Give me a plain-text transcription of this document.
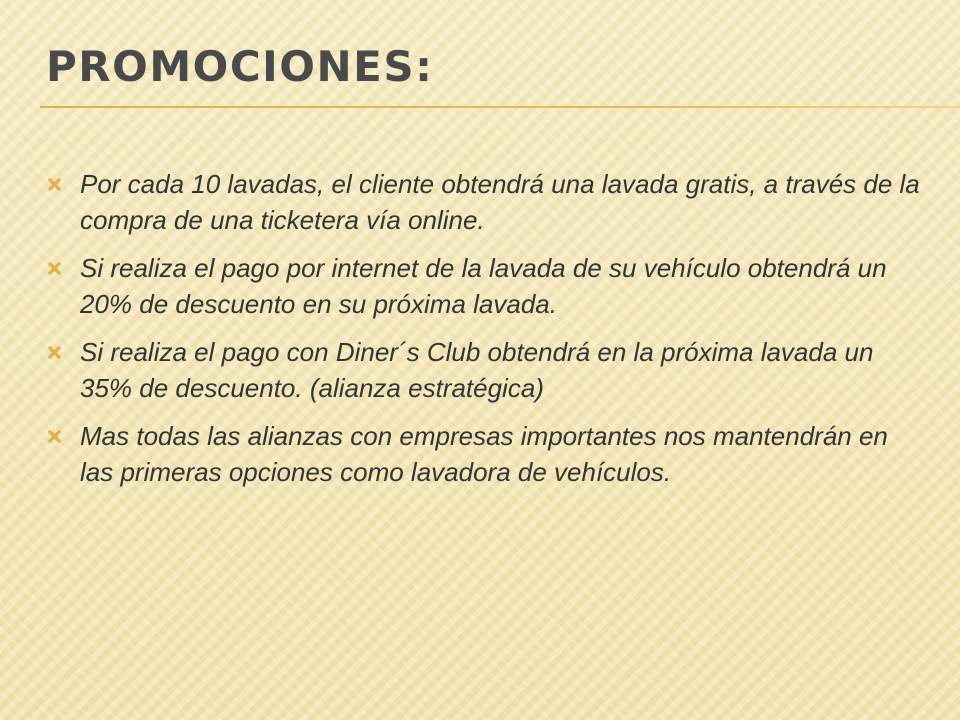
PROMOCIONES:
Por cada 10 lavadas, el cliente obtendrá una lavada gratis, a través de la compra de una ticketera vía online.
Si realiza el pago por internet de la lavada de su vehículo obtendrá un 20% de descuento en su próxima lavada.
Si realiza el pago con Diner´s Club obtendrá en la próxima lavada un 35% de descuento. (alianza estratégica)
Mas todas las alianzas con empresas importantes nos mantendrán en las primeras opciones como lavadora de vehículos.
